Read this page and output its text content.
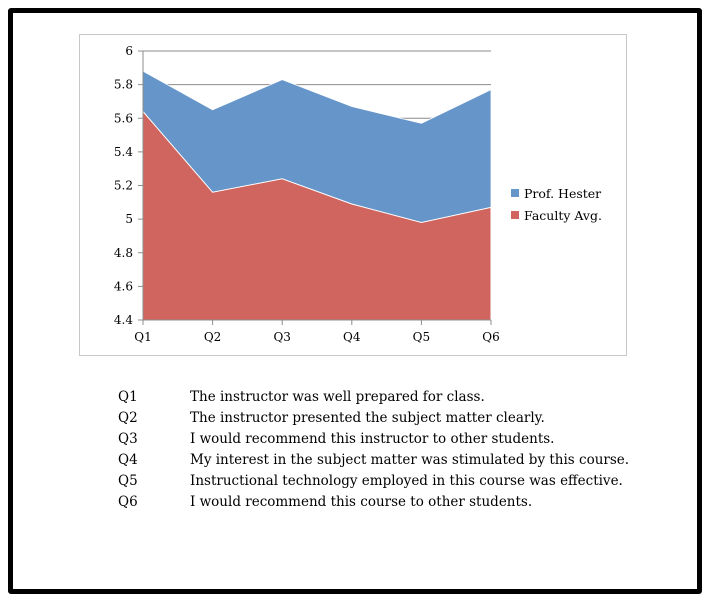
4.4
4.6
4.8
5
5.2
5.4
5.6
5.8
6
Q1	Q2	Q3	Q4	Q5	Q6
Prof. Hester
Faculty Avg.
Q1	The instructor was well prepared for class.
Q2	The instructor presented the subject matter clearly.
Q3	I would recommend this instructor to other students.
Q4	My interest in the subject matter was stimulated by this course.
Q5	Instructional technology employed in this course was effective.
Q6	I would recommend this course to other students.
